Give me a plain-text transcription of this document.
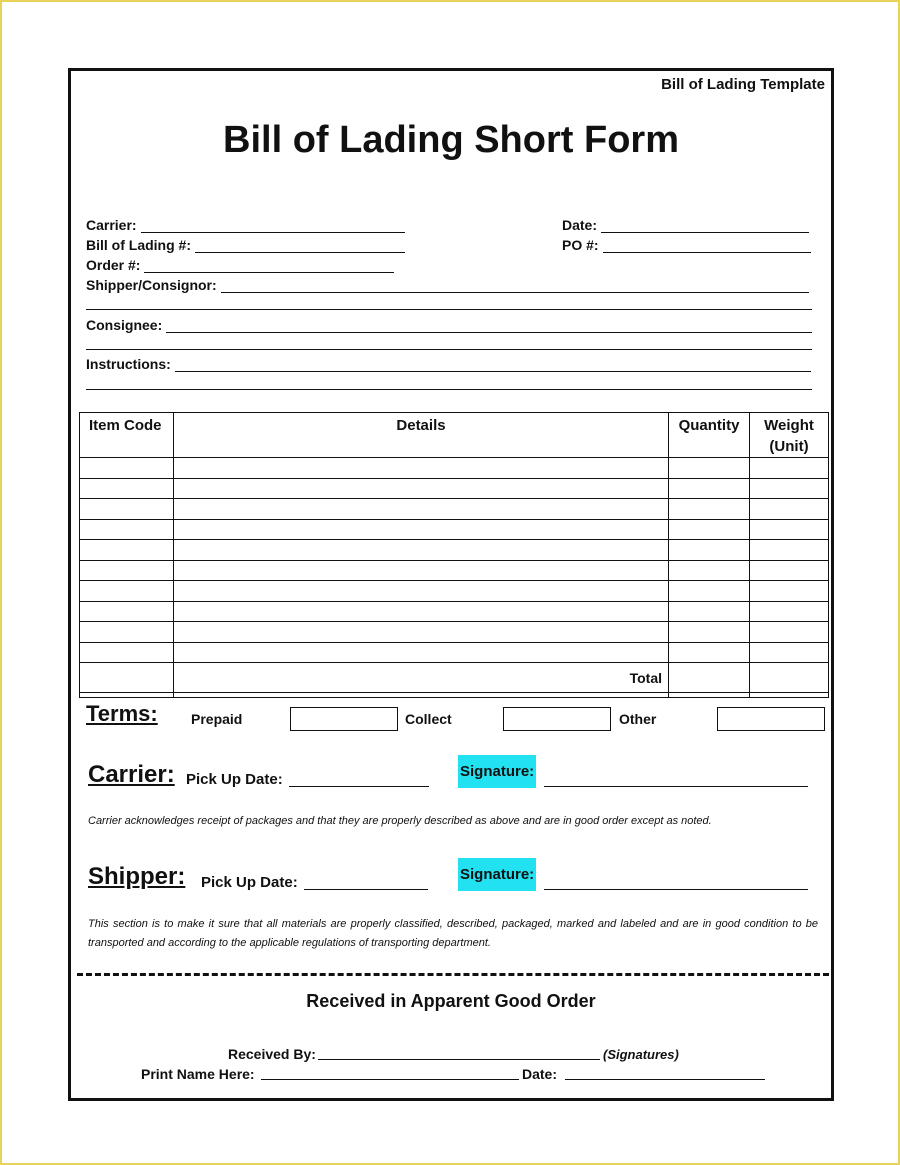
Bill of Lading Template
Bill of Lading Short Form
Carrier:	Date:
Bill of Lading #:	PO #:
Order #:
Shipper/Consignor:
Consignee:
Instructions:
Item Code	Details	Quantity	Weight
(Unit)

	Total		

Terms: Prepaid	Collect	Other
Carrier: Pick Up Date:	Signature:
Carrier acknowledges receipt of packages and that they are properly described as above and are in good order except as noted.
Shipper: Pick Up Date:	Signature:
This section is to make it sure that all materials are properly classified, described, packaged, marked and labeled and are in good condition to be transported and according to the applicable regulations of transporting department.
Received in Apparent Good Order
Received By:	(Signatures)
Print Name Here:	Date:
